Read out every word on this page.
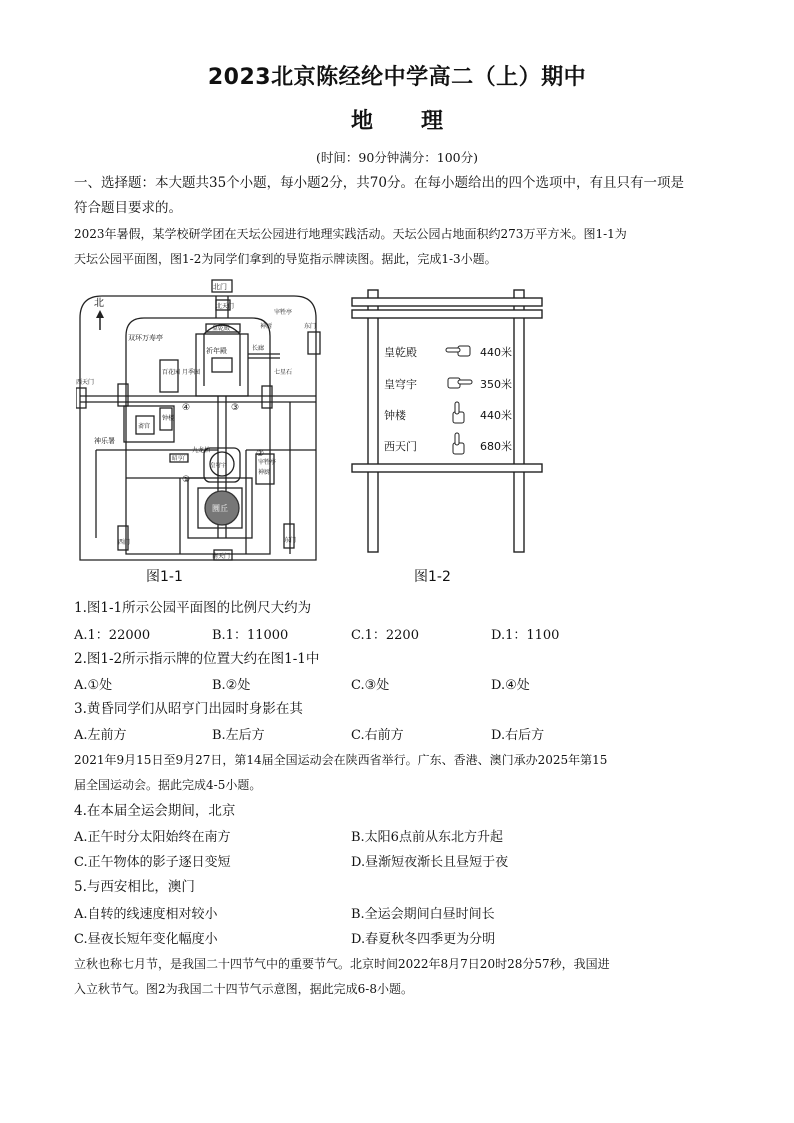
2023北京陈经纶中学高二（上）期中
地 理
(时间：90分钟满分：100分)
一、选择题：本大题共35个小题，每小题2分，共70分。在每小题给出的四个选项中，有且只有一项是
符合题目要求的。
2023年暑假，某学校研学团在天坛公园进行地理实践活动。天坛公园占地面积约273万平方米。图1-1为
天坛公园平面图，图1-2为同学们拿到的导览指示牌读图。据此，完成1-3小题。
北
北门
北天门
皇乾殿
祈年殿
双环万寿亭
百花园 月季园
钟楼
斋宫
神乐署
宰牲亭
神厨
长廊
七星石
东门
西天门
九龙柏
皇穹宇
昭亨门
神厨
宰牲亭
圜丘
西门	东门
南天门
①
②
③
④
图1-1
皇乾殿	440米
皇穹宇	350米
钟楼	440米
西天门	680米
图1-2
1.图1-1所示公园平面图的比例尺大约为
A.1：22000	B.1：11000	C.1：2200	D.1：1100
2.图1-2所示指示牌的位置大约在图1-1中
A.①处	B.②处	C.③处	D.④处
3.黄昏同学们从昭亨门出园时身影在其
A.左前方	B.左后方	C.右前方	D.右后方
2021年9月15日至9月27日，第14届全国运动会在陕西省举行。广东、香港、澳门承办2025年第15
届全国运动会。据此完成4-5小题。
4.在本届全运会期间，北京
A.正午时分太阳始终在南方	B.太阳6点前从东北方升起
C.正午物体的影子逐日变短	D.昼渐短夜渐长且昼短于夜
5.与西安相比，澳门
A.自转的线速度相对较小	B.全运会期间白昼时间长
C.昼夜长短年变化幅度小	D.春夏秋冬四季更为分明
立秋也称七月节，是我国二十四节气中的重要节气。北京时间2022年8月7日20时28分57秒，我国进
入立秋节气。图2为我国二十四节气示意图，据此完成6-8小题。
